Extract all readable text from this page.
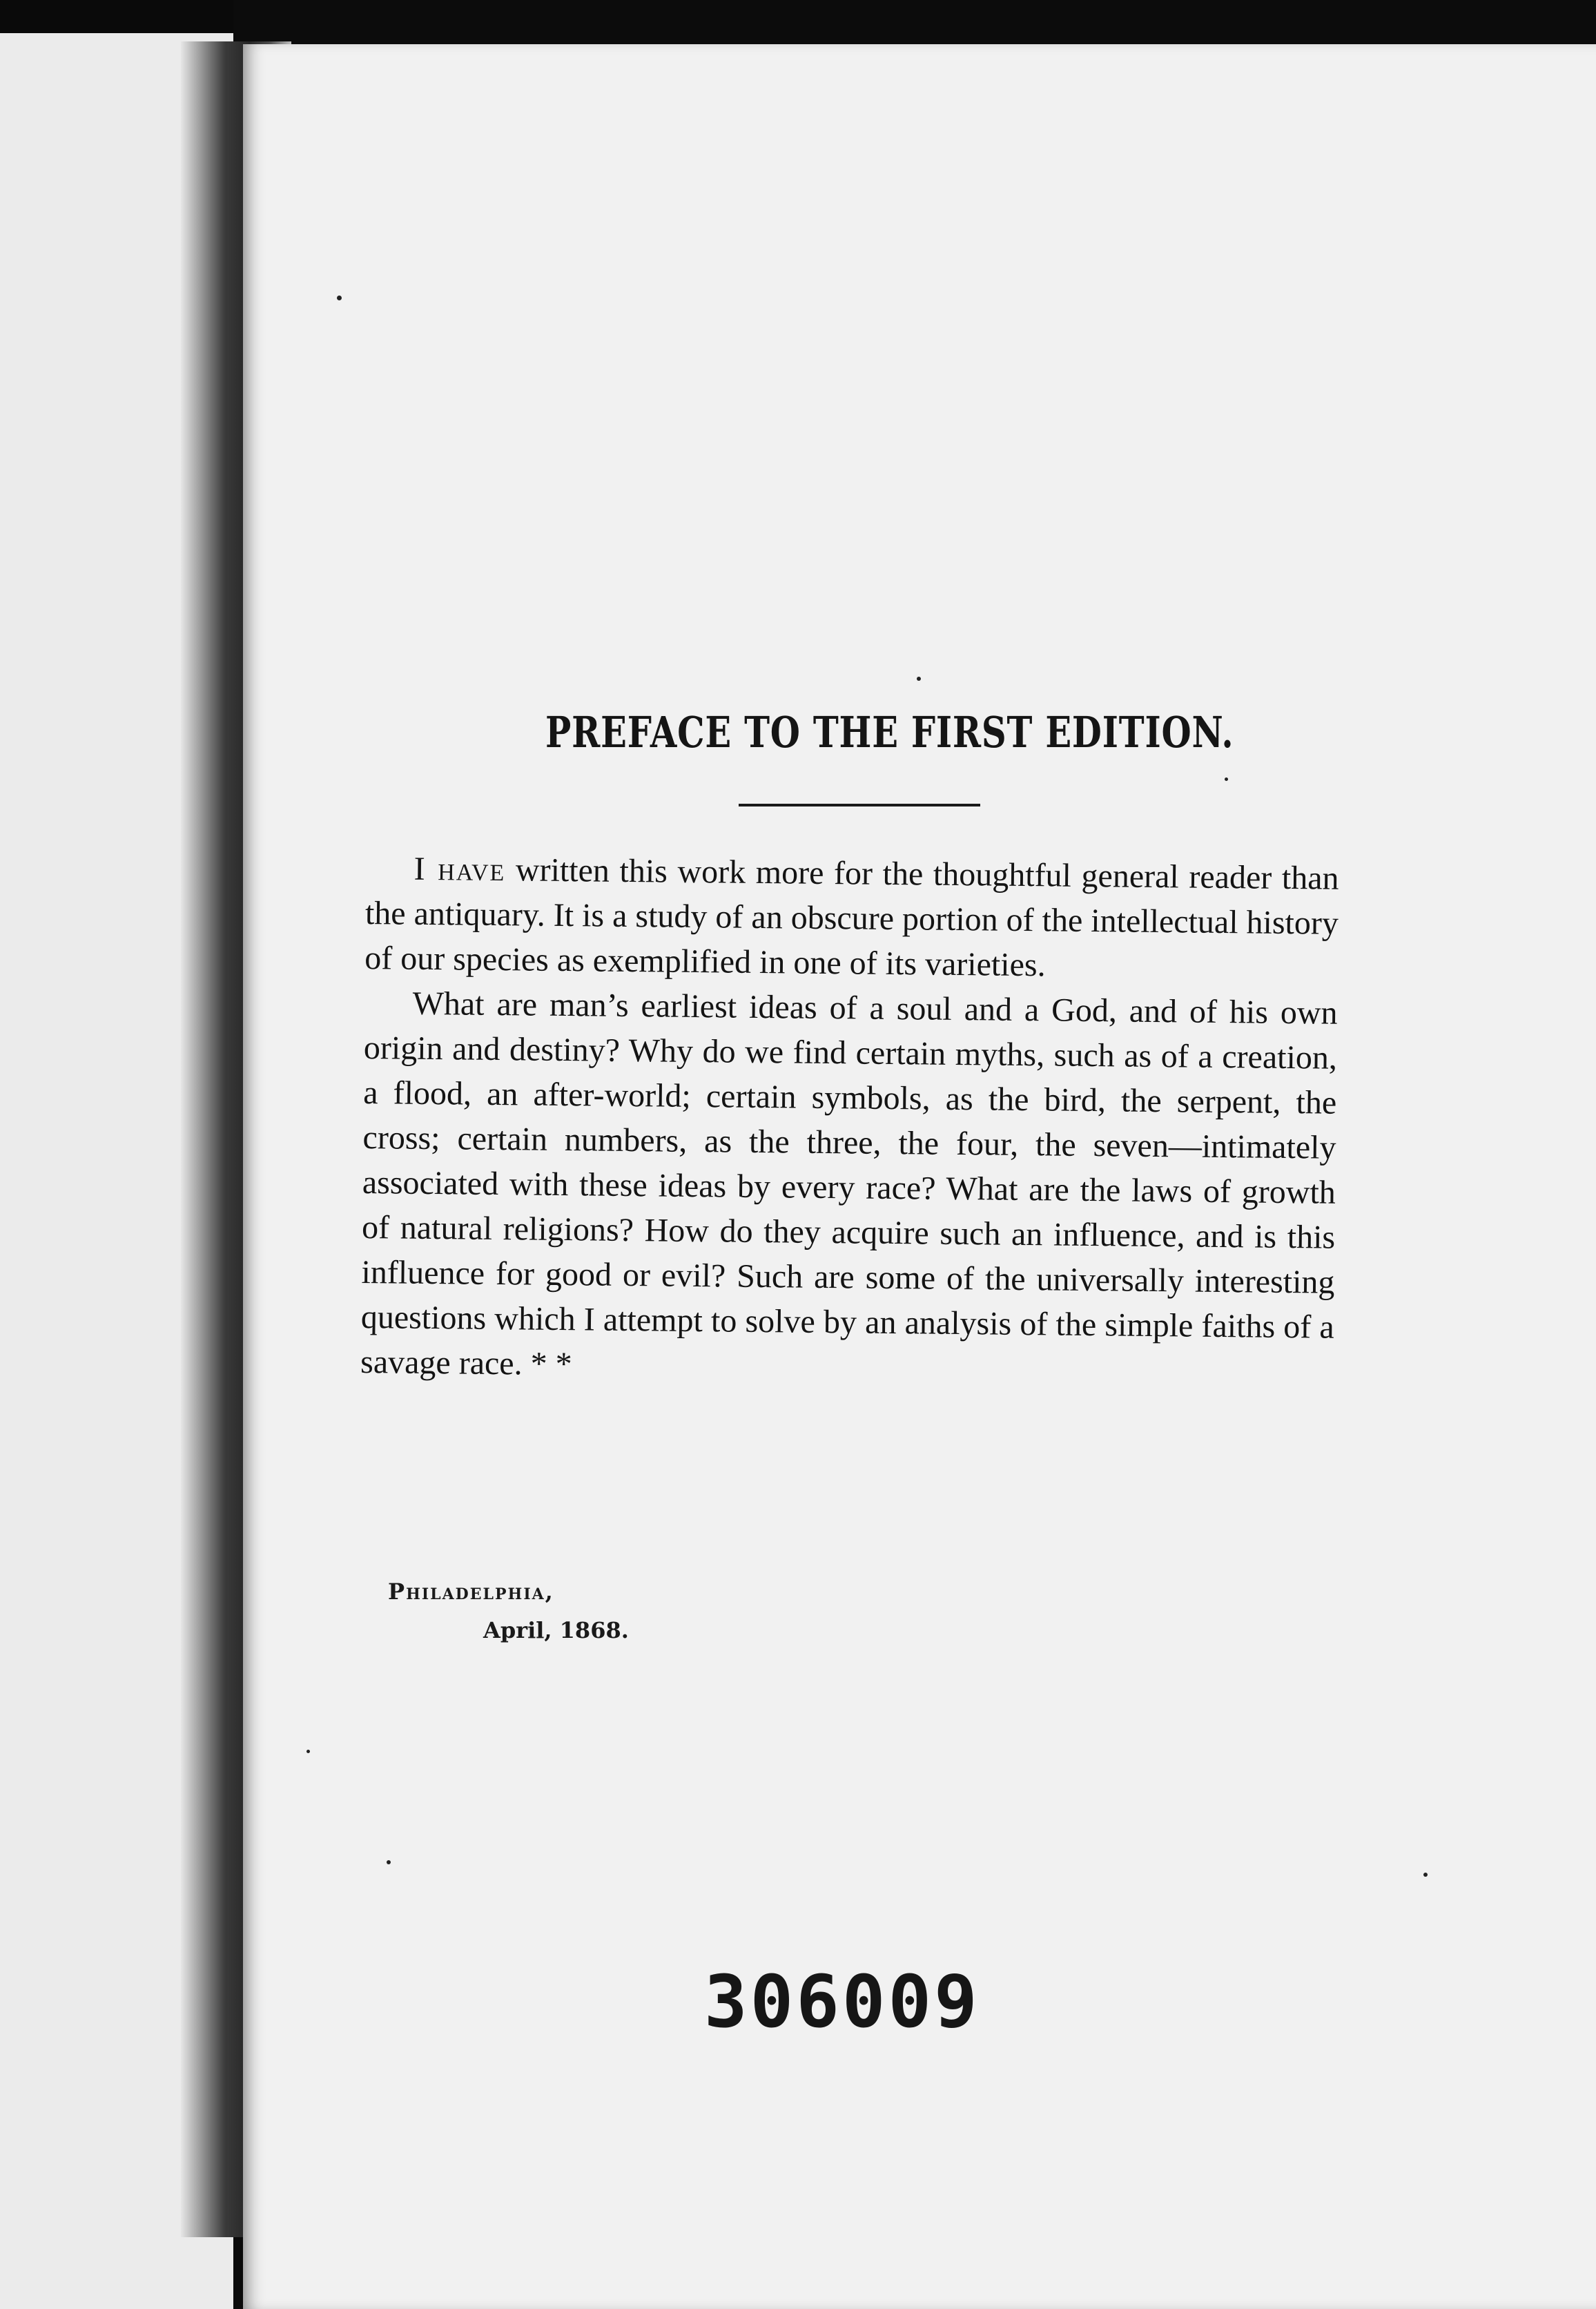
PREFACE TO THE FIRST EDITION.

I have written this work more for the thoughtful general reader than the antiquary. It is a study of an obscure portion of the intellectual history of our species as exemplified in one of its varieties.

What are man’s earliest ideas of a soul and a God, and of his own origin and destiny? Why do we find certain myths, such as of a creation, a flood, an after-world; certain symbols, as the bird, the serpent, the cross; certain numbers, as the three, the four, the seven—intimately associated with these ideas by every race? What are the laws of growth of natural religions? How do they acquire such an influence, and is this influence for good or evil? Such are some of the universally interesting questions which I attempt to solve by an analysis of the simple faiths of a savage race. * *

Philadelphia,
April, 1868.
306009
